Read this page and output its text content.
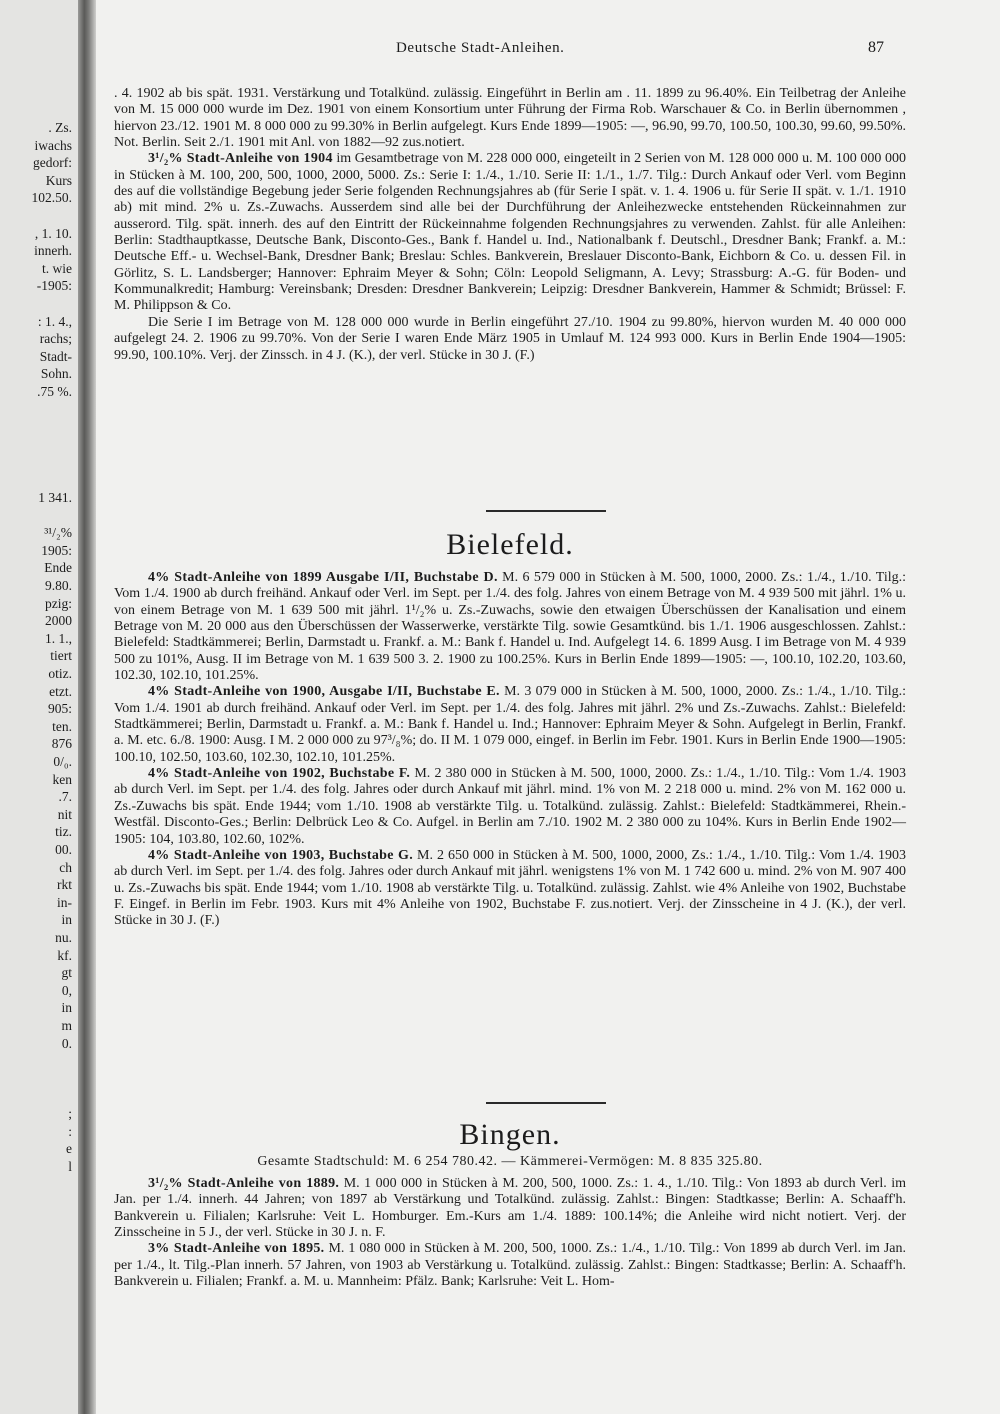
. Zs.
iwachs
gedorf:
Kurs
102.50.
, 1. 10.
innerh.
t. wie
-1905:
: 1. 4.,
rachs;
Stadt-
Sohn.
.75 %.
1 341.
³¹/₂%
1905:
Ende
9.80.
pzig:
2000
1. 1.,
tiert
otiz.
etzt.
905:
ten.
876
0/₀.
ken
.7.
nit
tiz.
00.
ch
rkt
in-
in
nu.
kf.
gt
0,
in
m
0.
;
:
e
l
Deutsche Stadt-Anleihen.	87

. 4. 1902 ab bis spät. 1931. Verstärkung und Totalkünd. zulässig. Eingeführt in Berlin am . 11. 1899 zu 96.40%. Ein Teilbetrag der Anleihe von M. 15 000 000 wurde im Dez. 1901 von einem Konsortium unter Führung der Firma Rob. Warschauer & Co. in Berlin übernommen , hiervon 23./12. 1901 M. 8 000 000 zu 99.30% in Berlin aufgelegt. Kurs Ende 1899—1905: —, 96.90, 99.70, 100.50, 100.30, 99.60, 99.50%. Not. Berlin. Seit 2./1. 1901 mit Anl. von 1882—92 zus.notiert.

3¹/₂% Stadt-Anleihe von 1904 im Gesamtbetrage von M. 228 000 000, eingeteilt in 2 Serien von M. 128 000 000 u. M. 100 000 000 in Stücken à M. 100, 200, 500, 1000, 2000, 5000. Zs.: Serie I: 1./4., 1./10. Serie II: 1./1., 1./7. Tilg.: Durch Ankauf oder Verl. vom Beginn des auf die vollständige Begebung jeder Serie folgenden Rechnungsjahres ab (für Serie I spät. v. 1. 4. 1906 u. für Serie II spät. v. 1./1. 1910 ab) mit mind. 2% u. Zs.-Zuwachs. Ausserdem sind alle bei der Durchführung der Anleihezwecke entstehenden Rückeinnahmen zur ausserord. Tilg. spät. innerh. des auf den Eintritt der Rückeinnahme folgenden Rechnungsjahres zu verwenden. Zahlst. für alle Anleihen: Berlin: Stadthauptkasse, Deutsche Bank, Disconto-Ges., Bank f. Handel u. Ind., Nationalbank f. Deutschl., Dresdner Bank; Frankf. a. M.: Deutsche Eff.- u. Wechsel-Bank, Dresdner Bank; Breslau: Schles. Bankverein, Breslauer Disconto-Bank, Eichborn & Co. u. dessen Fil. in Görlitz, S. L. Landsberger; Hannover: Ephraim Meyer & Sohn; Cöln: Leopold Seligmann, A. Levy; Strassburg: A.-G. für Boden- und Kommunalkredit; Hamburg: Vereinsbank; Dresden: Dresdner Bankverein; Leipzig: Dresdner Bankverein, Hammer & Schmidt; Brüssel: F. M. Philippson & Co.

Die Serie I im Betrage von M. 128 000 000 wurde in Berlin eingeführt 27./10. 1904 zu 99.80%, hiervon wurden M. 40 000 000 aufgelegt 24. 2. 1906 zu 99.70%. Von der Serie I waren Ende März 1905 in Umlauf M. 124 993 000. Kurs in Berlin Ende 1904—1905: 99.90, 100.10%. Verj. der Zinssch. in 4 J. (K.), der verl. Stücke in 30 J. (F.)

Bielefeld.

4% Stadt-Anleihe von 1899 Ausgabe I/II, Buchstabe D. M. 6 579 000 in Stücken à M. 500, 1000, 2000. Zs.: 1./4., 1./10. Tilg.: Vom 1./4. 1900 ab durch freihänd. Ankauf oder Verl. im Sept. per 1./4. des folg. Jahres von einem Betrage von M. 4 939 500 mit jährl. 1% u. von einem Betrage von M. 1 639 500 mit jährl. 1¹/₂% u. Zs.-Zuwachs, sowie den etwaigen Überschüssen der Kanalisation und einem Betrage von M. 20 000 aus den Überschüssen der Wasserwerke, verstärkte Tilg. sowie Gesamtkünd. bis 1./1. 1906 ausgeschlossen. Zahlst.: Bielefeld: Stadtkämmerei; Berlin, Darmstadt u. Frankf. a. M.: Bank f. Handel u. Ind. Aufgelegt 14. 6. 1899 Ausg. I im Betrage von M. 4 939 500 zu 101%, Ausg. II im Betrage von M. 1 639 500 3. 2. 1900 zu 100.25%. Kurs in Berlin Ende 1899—1905: —, 100.10, 102.20, 103.60, 102.30, 102.10, 101.25%.

4% Stadt-Anleihe von 1900, Ausgabe I/II, Buchstabe E. M. 3 079 000 in Stücken à M. 500, 1000, 2000. Zs.: 1./4., 1./10. Tilg.: Vom 1./4. 1901 ab durch freihänd. Ankauf oder Verl. im Sept. per 1./4. des folg. Jahres mit jährl. 2% und Zs.-Zuwachs. Zahlst.: Bielefeld: Stadtkämmerei; Berlin, Darmstadt u. Frankf. a. M.: Bank f. Handel u. Ind.; Hannover: Ephraim Meyer & Sohn. Aufgelegt in Berlin, Frankf. a. M. etc. 6./8. 1900: Ausg. I M. 2 000 000 zu 97³/₈%; do. II M. 1 079 000, eingef. in Berlin im Febr. 1901. Kurs in Berlin Ende 1900—1905: 100.10, 102.50, 103.60, 102.30, 102.10, 101.25%.

4% Stadt-Anleihe von 1902, Buchstabe F. M. 2 380 000 in Stücken à M. 500, 1000, 2000. Zs.: 1./4., 1./10. Tilg.: Vom 1./4. 1903 ab durch Verl. im Sept. per 1./4. des folg. Jahres oder durch Ankauf mit jährl. mind. 1% von M. 2 218 000 u. mind. 2% von M. 162 000 u. Zs.-Zuwachs bis spät. Ende 1944; vom 1./10. 1908 ab verstärkte Tilg. u. Totalkünd. zulässig. Zahlst.: Bielefeld: Stadtkämmerei, Rhein.-Westfäl. Disconto-Ges.; Berlin: Delbrück Leo & Co. Aufgel. in Berlin am 7./10. 1902 M. 2 380 000 zu 104%. Kurs in Berlin Ende 1902—1905: 104, 103.80, 102.60, 102%.

4% Stadt-Anleihe von 1903, Buchstabe G. M. 2 650 000 in Stücken à M. 500, 1000, 2000, Zs.: 1./4., 1./10. Tilg.: Vom 1./4. 1903 ab durch Verl. im Sept. per 1./4. des folg. Jahres oder durch Ankauf mit jährl. wenigstens 1% von M. 1 742 600 u. mind. 2% von M. 907 400 u. Zs.-Zuwachs bis spät. Ende 1944; vom 1./10. 1908 ab verstärkte Tilg. u. Totalkünd. zulässig. Zahlst. wie 4% Anleihe von 1902, Buchstabe F. Eingef. in Berlin im Febr. 1903. Kurs mit 4% Anleihe von 1902, Buchstabe F. zus.notiert. Verj. der Zinsscheine in 4 J. (K.), der verl. Stücke in 30 J. (F.)

Bingen.
Gesamte Stadtschuld: M. 6 254 780.42. — Kämmerei-Vermögen: M. 8 835 325.80.

3¹/₂% Stadt-Anleihe von 1889. M. 1 000 000 in Stücken à M. 200, 500, 1000. Zs.: 1. 4., 1./10. Tilg.: Von 1893 ab durch Verl. im Jan. per 1./4. innerh. 44 Jahren; von 1897 ab Verstärkung und Totalkünd. zulässig. Zahlst.: Bingen: Stadtkasse; Berlin: A. Schaaff'h. Bankverein u. Filialen; Karlsruhe: Veit L. Homburger. Em.-Kurs am 1./4. 1889: 100.14%; die Anleihe wird nicht notiert. Verj. der Zinsscheine in 5 J., der verl. Stücke in 30 J. n. F.

3% Stadt-Anleihe von 1895. M. 1 080 000 in Stücken à M. 200, 500, 1000. Zs.: 1./4., 1./10. Tilg.: Von 1899 ab durch Verl. im Jan. per 1./4., lt. Tilg.-Plan innerh. 57 Jahren, von 1903 ab Verstärkung u. Totalkünd. zulässig. Zahlst.: Bingen: Stadtkasse; Berlin: A. Schaaff'h. Bankverein u. Filialen; Frankf. a. M. u. Mannheim: Pfälz. Bank; Karlsruhe: Veit L. Hom-
